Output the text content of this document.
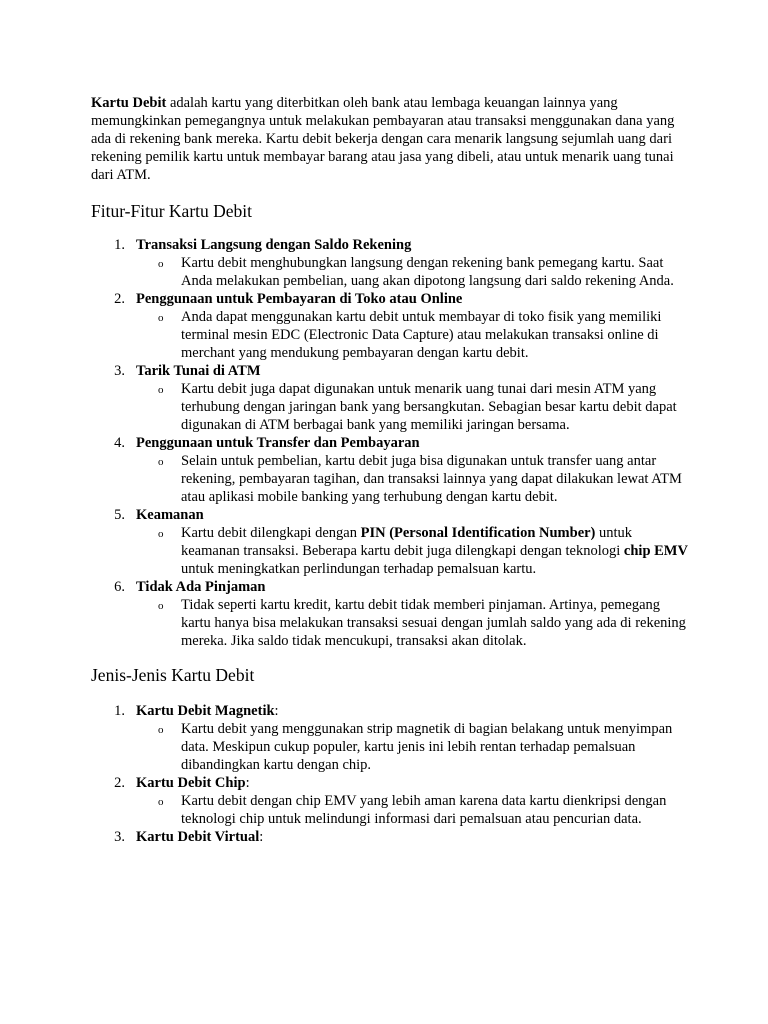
Kartu Debit adalah kartu yang diterbitkan oleh bank atau lembaga keuangan lainnya yang memungkinkan pemegangnya untuk melakukan pembayaran atau transaksi menggunakan dana yang ada di rekening bank mereka. Kartu debit bekerja dengan cara menarik langsung sejumlah uang dari rekening pemilik kartu untuk membayar barang atau jasa yang dibeli, atau untuk menarik uang tunai dari ATM.

Fitur-Fitur Kartu Debit
1. Transaksi Langsung dengan Saldo Rekening
o Kartu debit menghubungkan langsung dengan rekening bank pemegang kartu. Saat Anda melakukan pembelian, uang akan dipotong langsung dari saldo rekening Anda.
2. Penggunaan untuk Pembayaran di Toko atau Online
o Anda dapat menggunakan kartu debit untuk membayar di toko fisik yang memiliki terminal mesin EDC (Electronic Data Capture) atau melakukan transaksi online di merchant yang mendukung pembayaran dengan kartu debit.
3. Tarik Tunai di ATM
o Kartu debit juga dapat digunakan untuk menarik uang tunai dari mesin ATM yang terhubung dengan jaringan bank yang bersangkutan. Sebagian besar kartu debit dapat digunakan di ATM berbagai bank yang memiliki jaringan bersama.
4. Penggunaan untuk Transfer dan Pembayaran
o Selain untuk pembelian, kartu debit juga bisa digunakan untuk transfer uang antar rekening, pembayaran tagihan, dan transaksi lainnya yang dapat dilakukan lewat ATM atau aplikasi mobile banking yang terhubung dengan kartu debit.
5. Keamanan
o Kartu debit dilengkapi dengan PIN (Personal Identification Number) untuk keamanan transaksi. Beberapa kartu debit juga dilengkapi dengan teknologi chip EMV untuk meningkatkan perlindungan terhadap pemalsuan kartu.
6. Tidak Ada Pinjaman
o Tidak seperti kartu kredit, kartu debit tidak memberi pinjaman. Artinya, pemegang kartu hanya bisa melakukan transaksi sesuai dengan jumlah saldo yang ada di rekening mereka. Jika saldo tidak mencukupi, transaksi akan ditolak.
Jenis-Jenis Kartu Debit
1. Kartu Debit Magnetik:
o Kartu debit yang menggunakan strip magnetik di bagian belakang untuk menyimpan data. Meskipun cukup populer, kartu jenis ini lebih rentan terhadap pemalsuan dibandingkan kartu dengan chip.
2. Kartu Debit Chip:
o Kartu debit dengan chip EMV yang lebih aman karena data kartu dienkripsi dengan teknologi chip untuk melindungi informasi dari pemalsuan atau pencurian data.
3. Kartu Debit Virtual:
